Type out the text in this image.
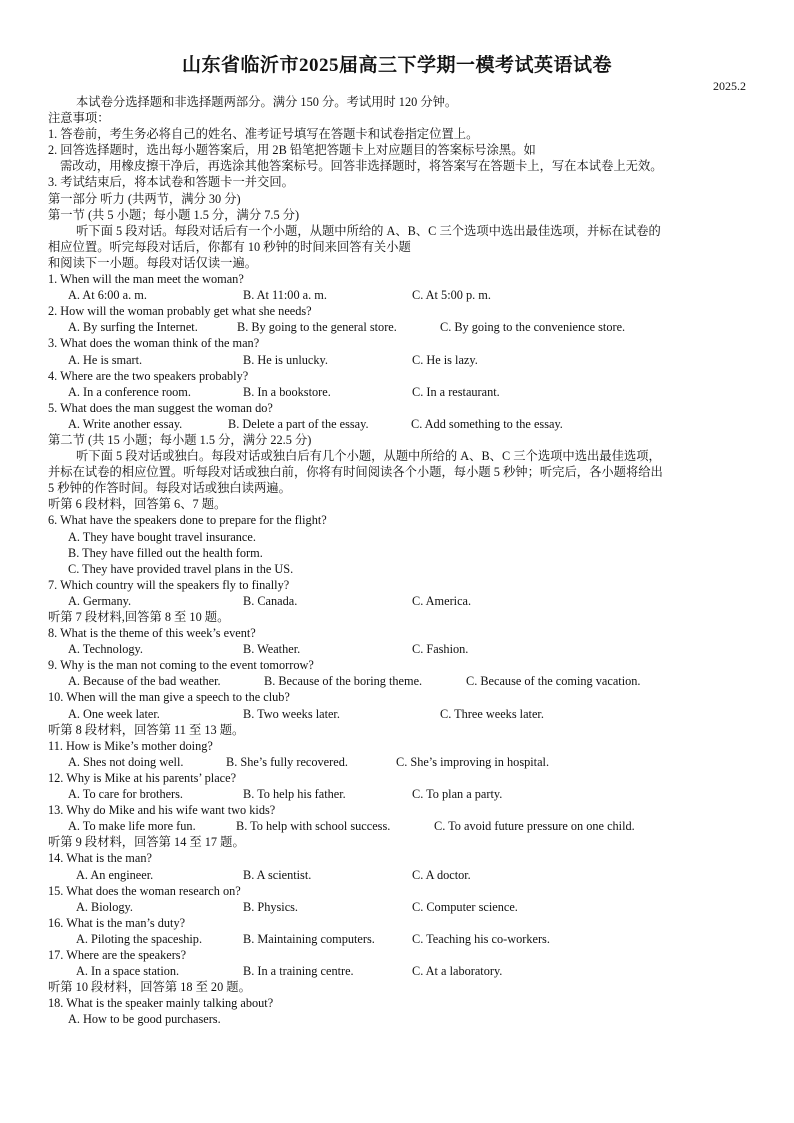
山东省临沂市2025届高三下学期一模考试英语试卷
2025.2
本试卷分选择题和非选择题两部分。满分 150 分。考试用时 120 分钟。
注意事项：
1. 答卷前，考生务必将自己的姓名、准考证号填写在答题卡和试卷指定位置上。
2. 回答选择题时，选出每小题答案后，用 2B 铅笔把答题卡上对应题目的答案标号涂黑。如
需改动，用橡皮擦干净后，再选涂其他答案标号。回答非选择题时，将答案写在答题卡上，写在本试卷上无效。
3. 考试结束后，将本试卷和答题卡一并交回。
第一部分 听力 (共两节，满分 30 分)
第一节 (共 5 小题；每小题 1.5 分，满分 7.5 分)
听下面 5 段对话。每段对话后有一个小题，从题中所给的 A、B、C 三个选项中选出最佳选项，并标在试卷的
相应位置。听完每段对话后，你都有 10 秒钟的时间来回答有关小题
和阅读下一小题。每段对话仅读一遍。
1. When will the man meet the woman?
A. At 6:00 a. m.	B. At 11:00 a. m.	C. At 5:00 p. m.
2. How will the woman probably get what she needs?
A. By surfing the Internet.	B. By going to the general store.	C. By going to the convenience store.
3. What does the woman think of the man?
A. He is smart.	B. He is unlucky.	C. He is lazy.
4. Where are the two speakers probably?
A. In a conference room.	B. In a bookstore.	C. In a restaurant.
5. What does the man suggest the woman do?
A. Write another essay.	B. Delete a part of the essay.	C. Add something to the essay.
第二节 (共 15 小题；每小题 1.5 分，满分 22.5 分)
听下面 5 段对话或独白。每段对话或独白后有几个小题，从题中所给的 A、B、C 三个选项中选出最佳选项，
并标在试卷的相应位置。听每段对话或独白前，你将有时间阅读各个小题，每小题 5 秒钟；听完后，各小题将给出
5 秒钟的作答时间。每段对话或独白读两遍。
听第 6 段材料，回答第 6、7 题。
6. What have the speakers done to prepare for the flight?
A. They have bought travel insurance.
B. They have filled out the health form.
C. They have provided travel plans in the US.
7. Which country will the speakers fly to finally?
A. Germany.	B. Canada.	C. America.
听第 7 段材料,回答第 8 至 10 题。
8. What is the theme of this week’s event?
A. Technology.	B. Weather.	C. Fashion.
9. Why is the man not coming to the event tomorrow?
A. Because of the bad weather.	B. Because of the boring theme.	C. Because of the coming vacation.
10. When will the man give a speech to the club?
A. One week later.	B. Two weeks later.	C. Three weeks later.
听第 8 段材料，回答第 11 至 13 题。
11. How is Mike’s mother doing?
A. Shes not doing well.	B. She’s fully recovered.	C. She’s improving in hospital.
12. Why is Mike at his parents’ place?
A. To care for brothers.	B. To help his father.	C. To plan a party.
13. Why do Mike and his wife want two kids?
A. To make life more fun.	B. To help with school success.	C. To avoid future pressure on one child.
听第 9 段材料，回答第 14 至 17 题。
14. What is the man?
A. An engineer.	B. A scientist.	C. A doctor.
15. What does the woman research on?
A. Biology.	B. Physics.	C. Computer science.
16. What is the man’s duty?
A. Piloting the spaceship.	B. Maintaining computers.	C. Teaching his co-workers.
17. Where are the speakers?
A. In a space station.	B. In a training centre.	C. At a laboratory.
听第 10 段材料，回答第 18 至 20 题。
18. What is the speaker mainly talking about?
A. How to be good purchasers.
